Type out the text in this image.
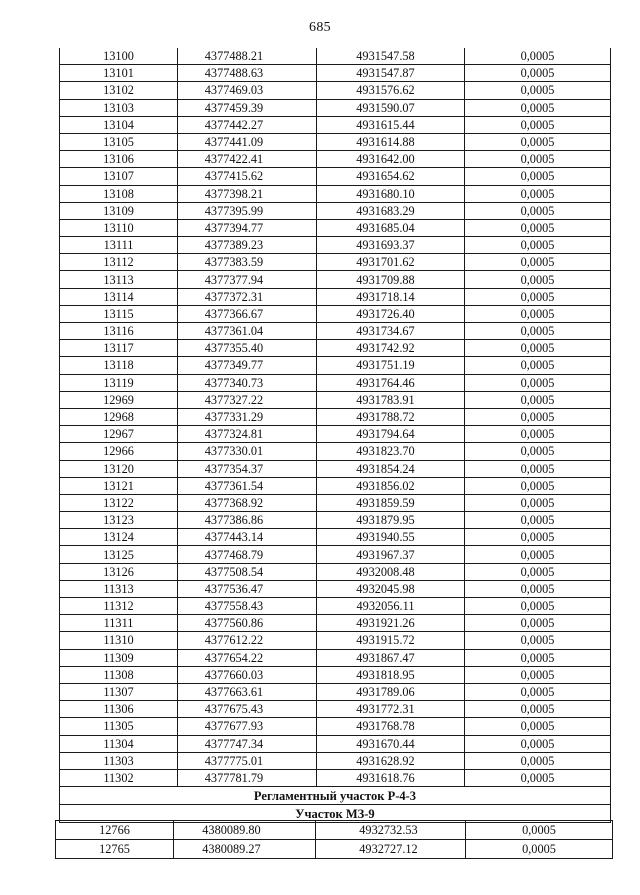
685
13100	4377488.21	4931547.58	0,0005
13101	4377488.63	4931547.87	0,0005
13102	4377469.03	4931576.62	0,0005
13103	4377459.39	4931590.07	0,0005
13104	4377442.27	4931615.44	0,0005
13105	4377441.09	4931614.88	0,0005
13106	4377422.41	4931642.00	0,0005
13107	4377415.62	4931654.62	0,0005
13108	4377398.21	4931680.10	0,0005
13109	4377395.99	4931683.29	0,0005
13110	4377394.77	4931685.04	0,0005
13111	4377389.23	4931693.37	0,0005
13112	4377383.59	4931701.62	0,0005
13113	4377377.94	4931709.88	0,0005
13114	4377372.31	4931718.14	0,0005
13115	4377366.67	4931726.40	0,0005
13116	4377361.04	4931734.67	0,0005
13117	4377355.40	4931742.92	0,0005
13118	4377349.77	4931751.19	0,0005
13119	4377340.73	4931764.46	0,0005
12969	4377327.22	4931783.91	0,0005
12968	4377331.29	4931788.72	0,0005
12967	4377324.81	4931794.64	0,0005
12966	4377330.01	4931823.70	0,0005
13120	4377354.37	4931854.24	0,0005
13121	4377361.54	4931856.02	0,0005
13122	4377368.92	4931859.59	0,0005
13123	4377386.86	4931879.95	0,0005
13124	4377443.14	4931940.55	0,0005
13125	4377468.79	4931967.37	0,0005
13126	4377508.54	4932008.48	0,0005
11313	4377536.47	4932045.98	0,0005
11312	4377558.43	4932056.11	0,0005
11311	4377560.86	4931921.26	0,0005
11310	4377612.22	4931915.72	0,0005
11309	4377654.22	4931867.47	0,0005
11308	4377660.03	4931818.95	0,0005
11307	4377663.61	4931789.06	0,0005
11306	4377675.43	4931772.31	0,0005
11305	4377677.93	4931768.78	0,0005
11304	4377747.34	4931670.44	0,0005
11303	4377775.01	4931628.92	0,0005
11302	4377781.79	4931618.76	0,0005
Регламентный участок Р-4-3			
Участок МЗ-9			
12766	4380089.80	4932732.53	0,0005
12765	4380089.27	4932727.12	0,0005
